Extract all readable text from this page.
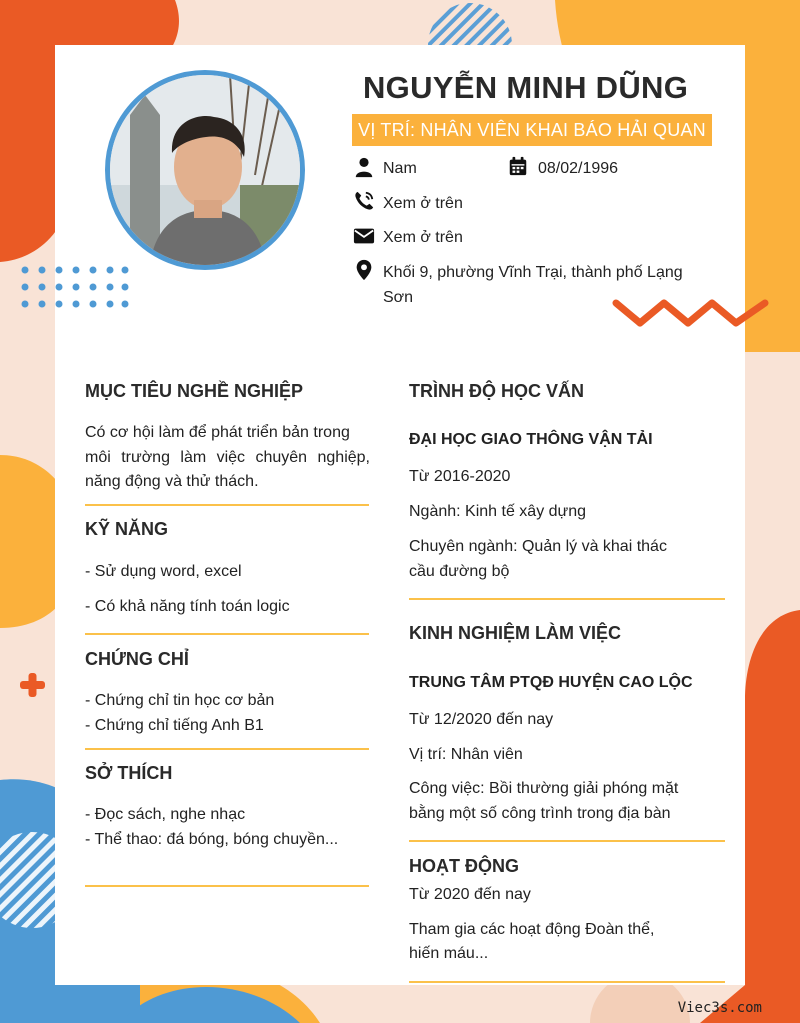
NGUYỄN MINH DŨNG
VỊ TRÍ: NHÂN VIÊN KHAI BÁO HẢI QUAN
Nam	08/02/1996
Xem ở trên
Xem ở trên
Khối 9, phường Vĩnh Trại, thành phố Lạng
Sơn
MỤC TIÊU NGHỀ NGHIỆP

Có cơ hội làm để phát triển bản trong

môi trường làm việc chuyên nghiệp,

năng động và thử thách.

KỸ NĂNG

- Sử dụng word, excel

- Có khả năng tính toán logic

CHỨNG CHỈ

- Chứng chỉ tin học cơ bản

- Chứng chỉ tiếng Anh B1

SỞ THÍCH

- Đọc sách, nghe nhạc

- Thể thao: đá bóng, bóng chuyền...

TRÌNH ĐỘ HỌC VẤN

ĐẠI HỌC GIAO THÔNG VẬN TẢI

Từ 2016-2020

Ngành: Kinh tế xây dựng

Chuyên ngành: Quản lý và khai thác

cầu đường bộ

KINH NGHIỆM LÀM VIỆC

TRUNG TÂM PTQĐ HUYỆN CAO LỘC

Từ 12/2020 đến nay

Vị trí: Nhân viên

Công việc: Bồi thường giải phóng mặt

bằng một số công trình trong địa bàn

HOẠT ĐỘNG

Từ 2020 đến nay

Tham gia các hoạt động Đoàn thể,

hiến máu...

Viec3s.com
